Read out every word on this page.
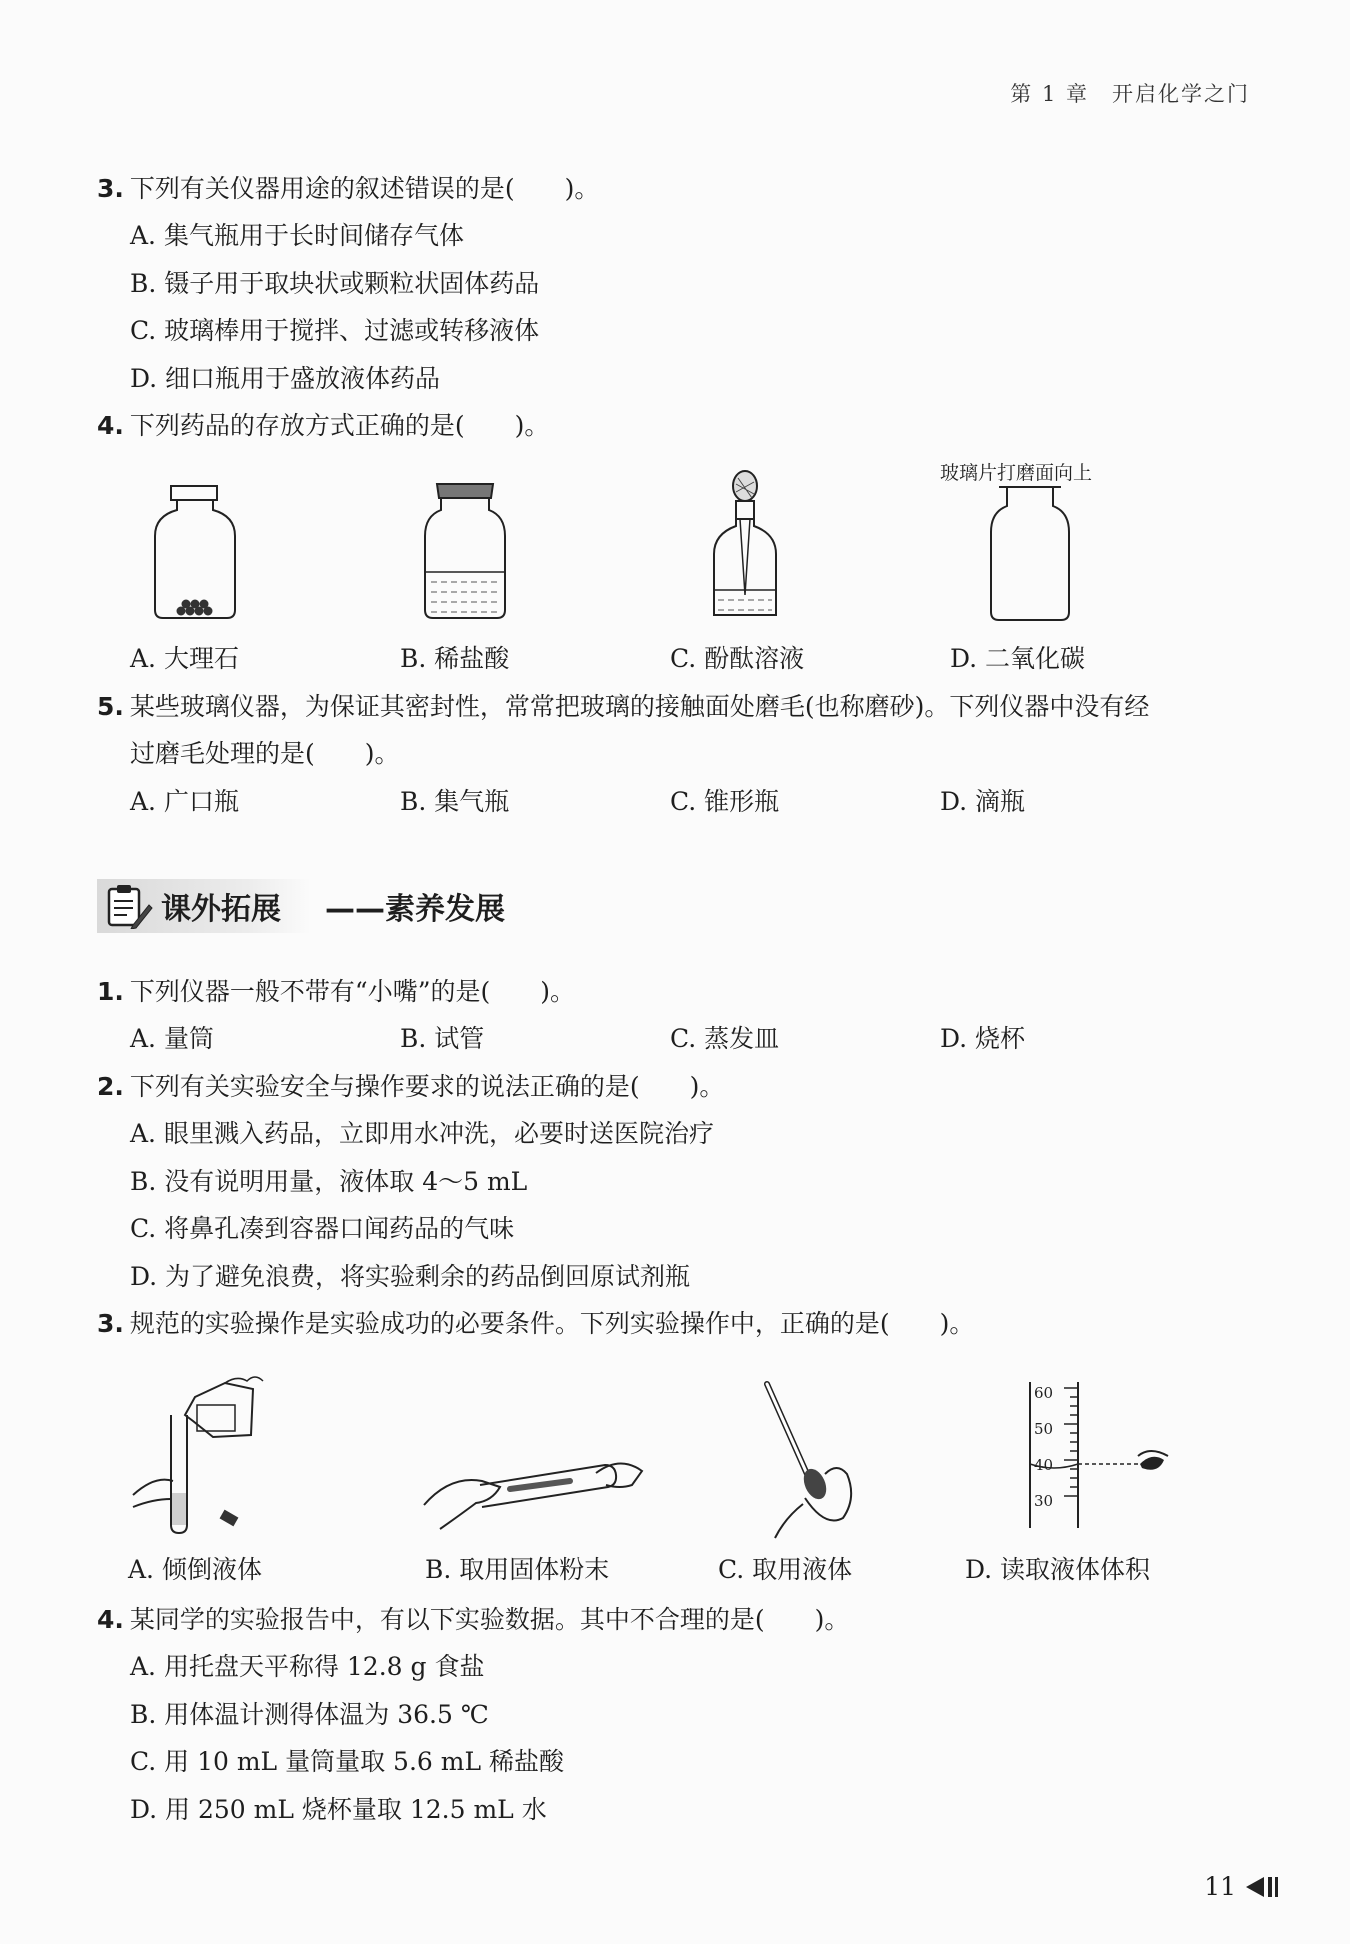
第 1 章　开启化学之门
3. 下列有关仪器用途的叙述错误的是(　　)。
A. 集气瓶用于长时间储存气体
B. 镊子用于取块状或颗粒状固体药品
C. 玻璃棒用于搅拌、过滤或转移液体
D. 细口瓶用于盛放液体药品
4. 下列药品的存放方式正确的是(　　)。
玻璃片打磨面向上
A. 大理石	B. 稀盐酸	C. 酚酞溶液	D. 二氧化碳
5. 某些玻璃仪器，为保证其密封性，常常把玻璃的接触面处磨毛(也称磨砂)。下列仪器中没有经
过磨毛处理的是(　　)。
A. 广口瓶	B. 集气瓶	C. 锥形瓶	D. 滴瓶
课外拓展 ——素养发展
1. 下列仪器一般不带有“小嘴”的是(　　)。
A. 量筒	B. 试管	C. 蒸发皿	D. 烧杯
2. 下列有关实验安全与操作要求的说法正确的是(　　)。
A. 眼里溅入药品，立即用水冲洗，必要时送医院治疗
B. 没有说明用量，液体取 4～5 mL
C. 将鼻孔凑到容器口闻药品的气味
D. 为了避免浪费，将实验剩余的药品倒回原试剂瓶
3. 规范的实验操作是实验成功的必要条件。下列实验操作中，正确的是(　　)。
60
50
40
30
A. 倾倒液体	B. 取用固体粉末	C. 取用液体	D. 读取液体体积
4. 某同学的实验报告中，有以下实验数据。其中不合理的是(　　)。
A. 用托盘天平称得 12.8 g 食盐
B. 用体温计测得体温为 36.5 ℃
C. 用 10 mL 量筒量取 5.6 mL 稀盐酸
D. 用 250 mL 烧杯量取 12.5 mL 水
11
